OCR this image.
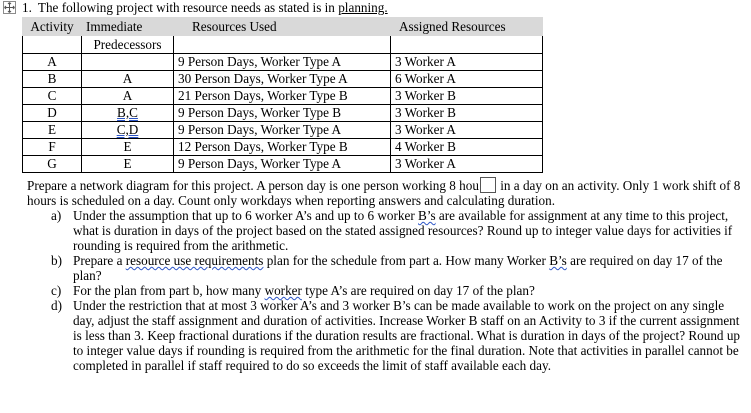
1. The following project with resource needs as stated is in planning.
Activity	Immediate	Resources Used	Assigned Resources
	Predecessors		
A		9 Person Days, Worker Type A	3 Worker A
B	A	30 Person Days, Worker Type A	6 Worker A
C	A	21 Person Days, Worker Type B	3 Worker B
D	B,C	9 Person Days, Worker Type B	3 Worker B
E	C,D	9 Person Days, Worker Type A	3 Worker A
F	E	12 Person Days, Worker Type B	4 Worker B
G	E	9 Person Days, Worker Type A	3 Worker A

Prepare a network diagram for this project. A person day is one person working 8 hou in a day on an activity. Only 1 work shift of 8 hours is scheduled on a day. Count only workdays when reporting answers and calculating duration.

a) Under the assumption that up to 6 worker A’s and up to 6 worker B’s are available for assignment at any time to this project, what is duration in days of the project based on the stated assigned resources? Round up to integer value days for activities if rounding is required from the arithmetic.
b) Prepare a resource use requirements plan for the schedule from part a. How many Worker B’s are required on day 17 of the plan?
c) For the plan from part b, how many worker type A’s are required on day 17 of the plan?
d) Under the restriction that at most 3 worker A’s and 3 worker B’s can be made available to work on the project on any single day, adjust the staff assignment and duration of activities. Increase Worker B staff on an Activity to 3 if the current assignment is less than 3. Keep fractional durations if the duration results are fractional. What is duration in days of the project? Round up to integer value days if rounding is required from the arithmetic for the final duration. Note that activities in parallel cannot be completed in parallel if staff required to do so exceeds the limit of staff available each day.
